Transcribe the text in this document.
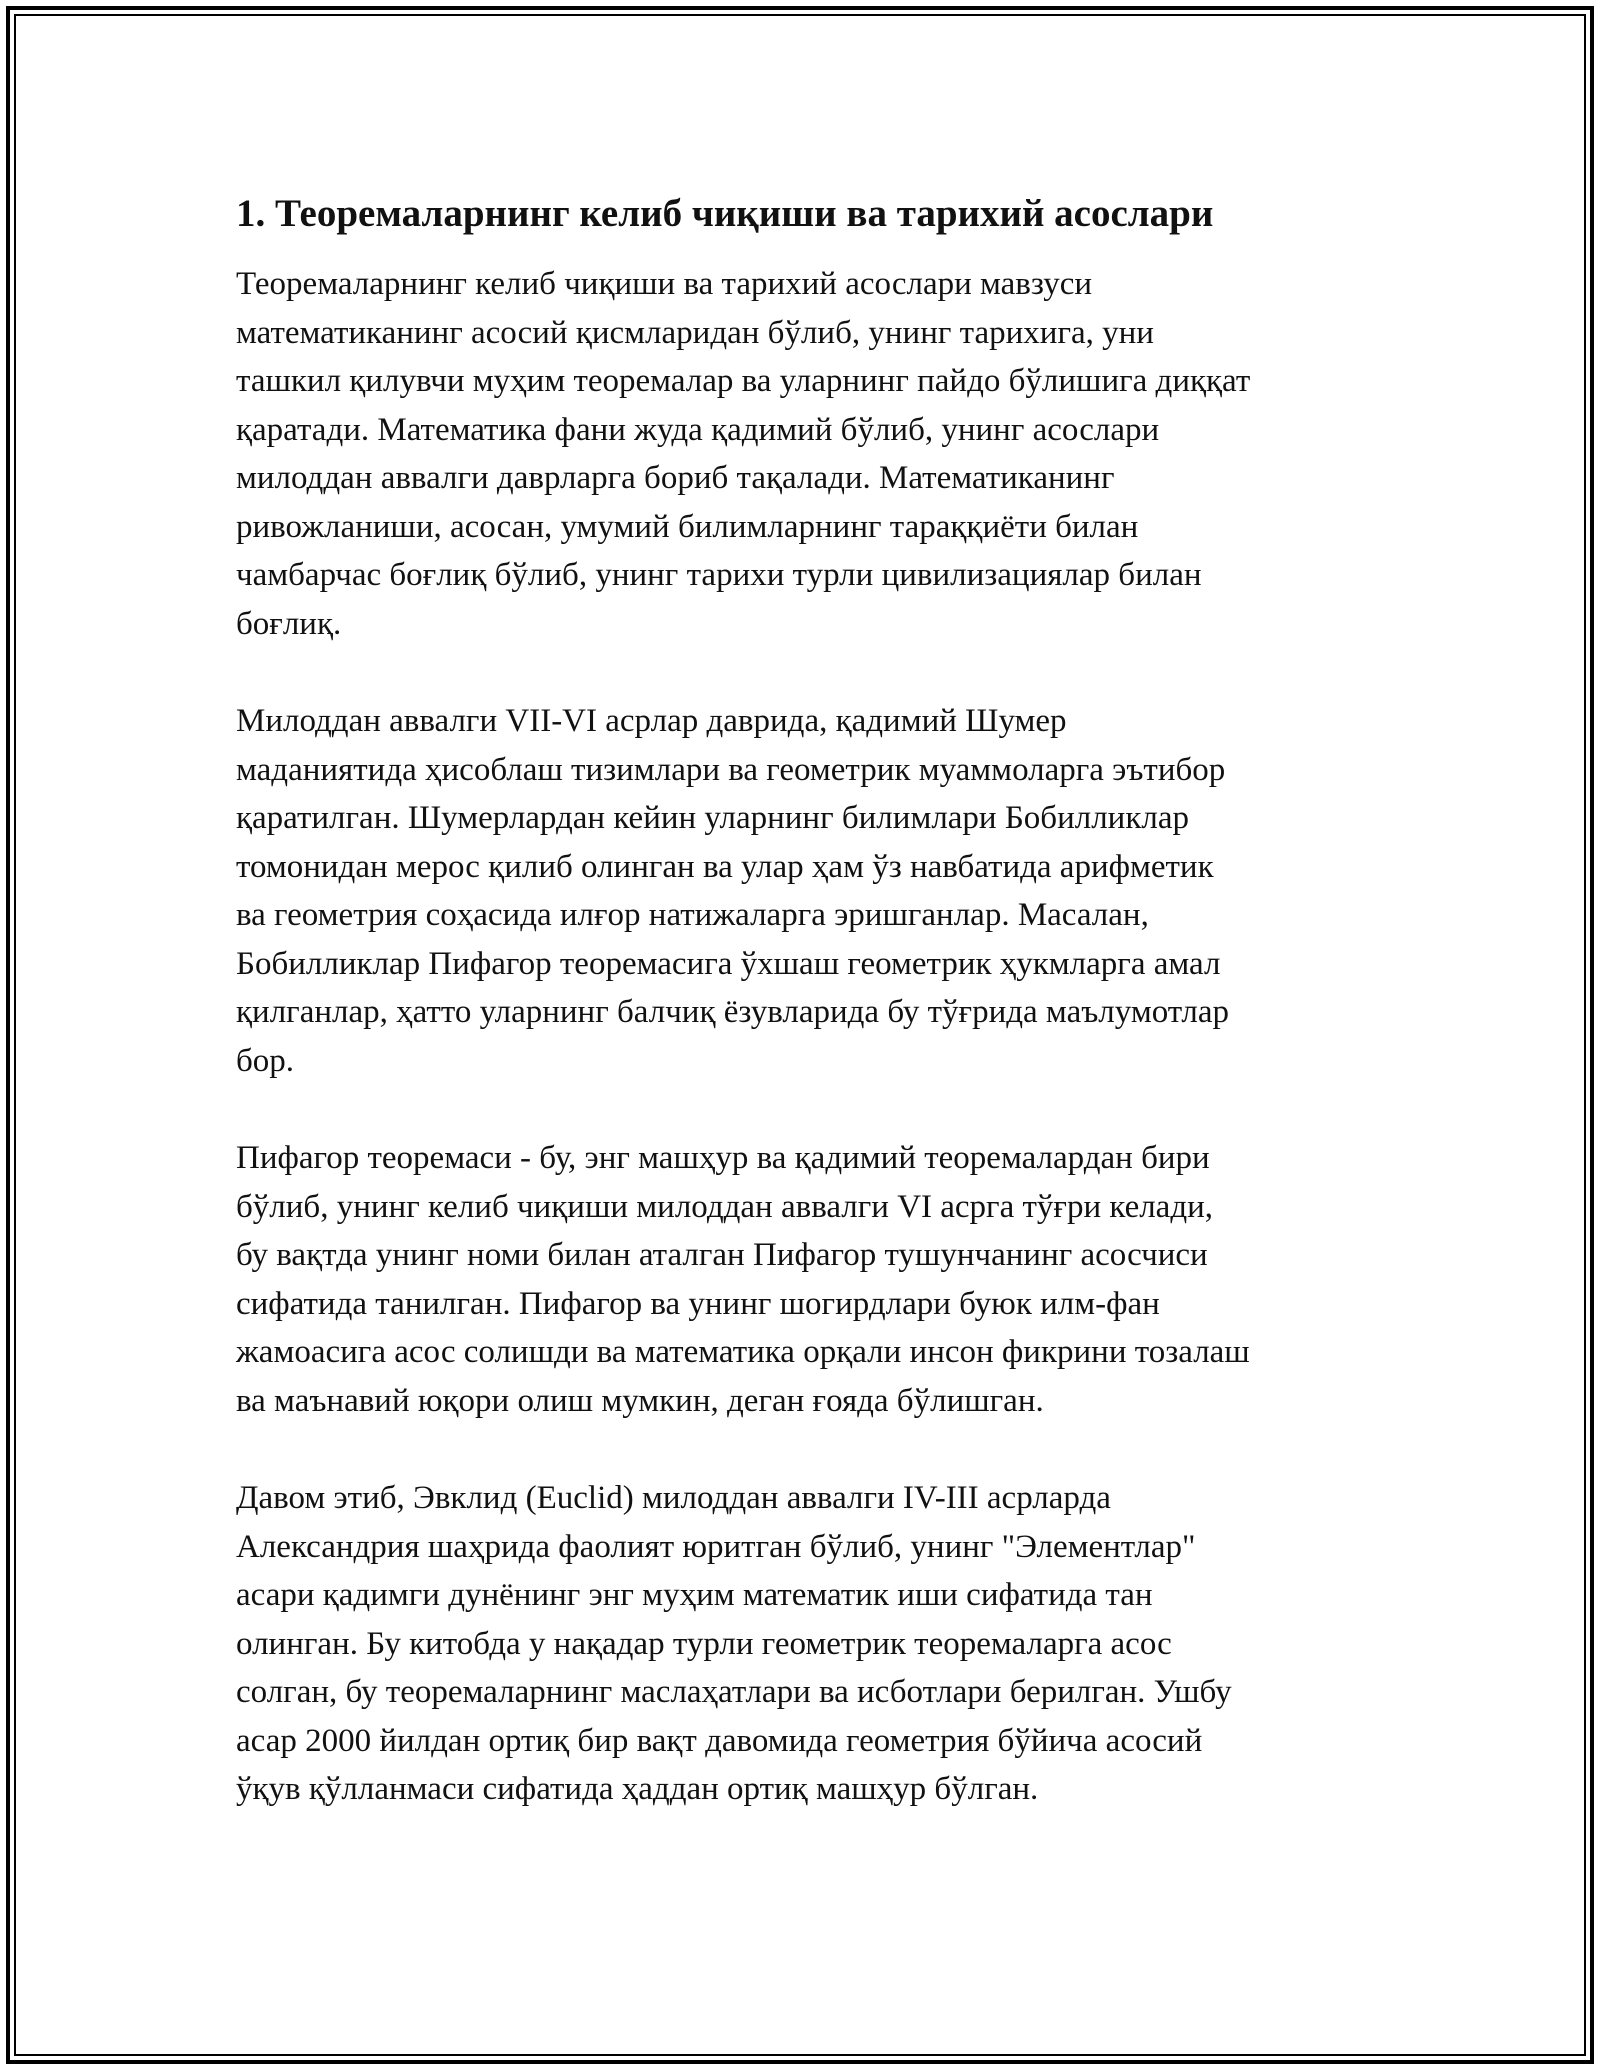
1. Теоремаларнинг келиб чиқиши ва тарихий асослари

Теоремаларнинг келиб чиқиши ва тарихий асослари мавзуси
математиканинг асосий қисмларидан бўлиб, унинг тарихига, уни
ташкил қилувчи муҳим теоремалар ва уларнинг пайдо бўлишига диққат
қаратади. Математика фани жуда қадимий бўлиб, унинг асослари
милоддан аввалги даврларга бориб тақалади. Математиканинг
ривожланиши, асосан, умумий билимларнинг тараққиёти билан
чамбарчас боғлиқ бўлиб, унинг тарихи турли цивилизациялар билан
боғлиқ.

Милоддан аввалги VII-VI асрлар даврида, қадимий Шумер
маданиятида ҳисоблаш тизимлари ва геометрик муаммоларга эътибор
қаратилган. Шумерлардан кейин уларнинг билимлари Бобилликлар
томонидан мерос қилиб олинган ва улар ҳам ўз навбатида арифметик
ва геометрия соҳасида илғор натижаларга эришганлар. Масалан,
Бобилликлар Пифагор теоремасига ўхшаш геометрик ҳукмларга амал
қилганлар, ҳатто уларнинг балчиқ ёзувларида бу тўғрида маълумотлар
бор.

Пифагор теоремаси - бу, энг машҳур ва қадимий теоремалардан бири
бўлиб, унинг келиб чиқиши милоддан аввалги VI асрга тўғри келади,
бу вақтда унинг номи билан аталган Пифагор тушунчанинг асосчиси
сифатида танилган. Пифагор ва унинг шогирдлари буюк илм-фан
жамоасига асос солишди ва математика орқали инсон фикрини тозалаш
ва маънавий юқори олиш мумкин, деган ғояда бўлишган.

Давом этиб, Эвклид (Euclid) милоддан аввалги IV-III асрларда
Александрия шаҳрида фаолият юритган бўлиб, унинг "Элементлар"
асари қадимги дунёнинг энг муҳим математик иши сифатида тан
олинган. Бу китобда у нақадар турли геометрик теоремаларга асос
солган, бу теоремаларнинг маслаҳатлари ва исботлари берилган. Ушбу
асар 2000 йилдан ортиқ бир вақт давомида геометрия бўйича асосий
ўқув қўлланмаси сифатида ҳаддан ортиқ машҳур бўлган.
